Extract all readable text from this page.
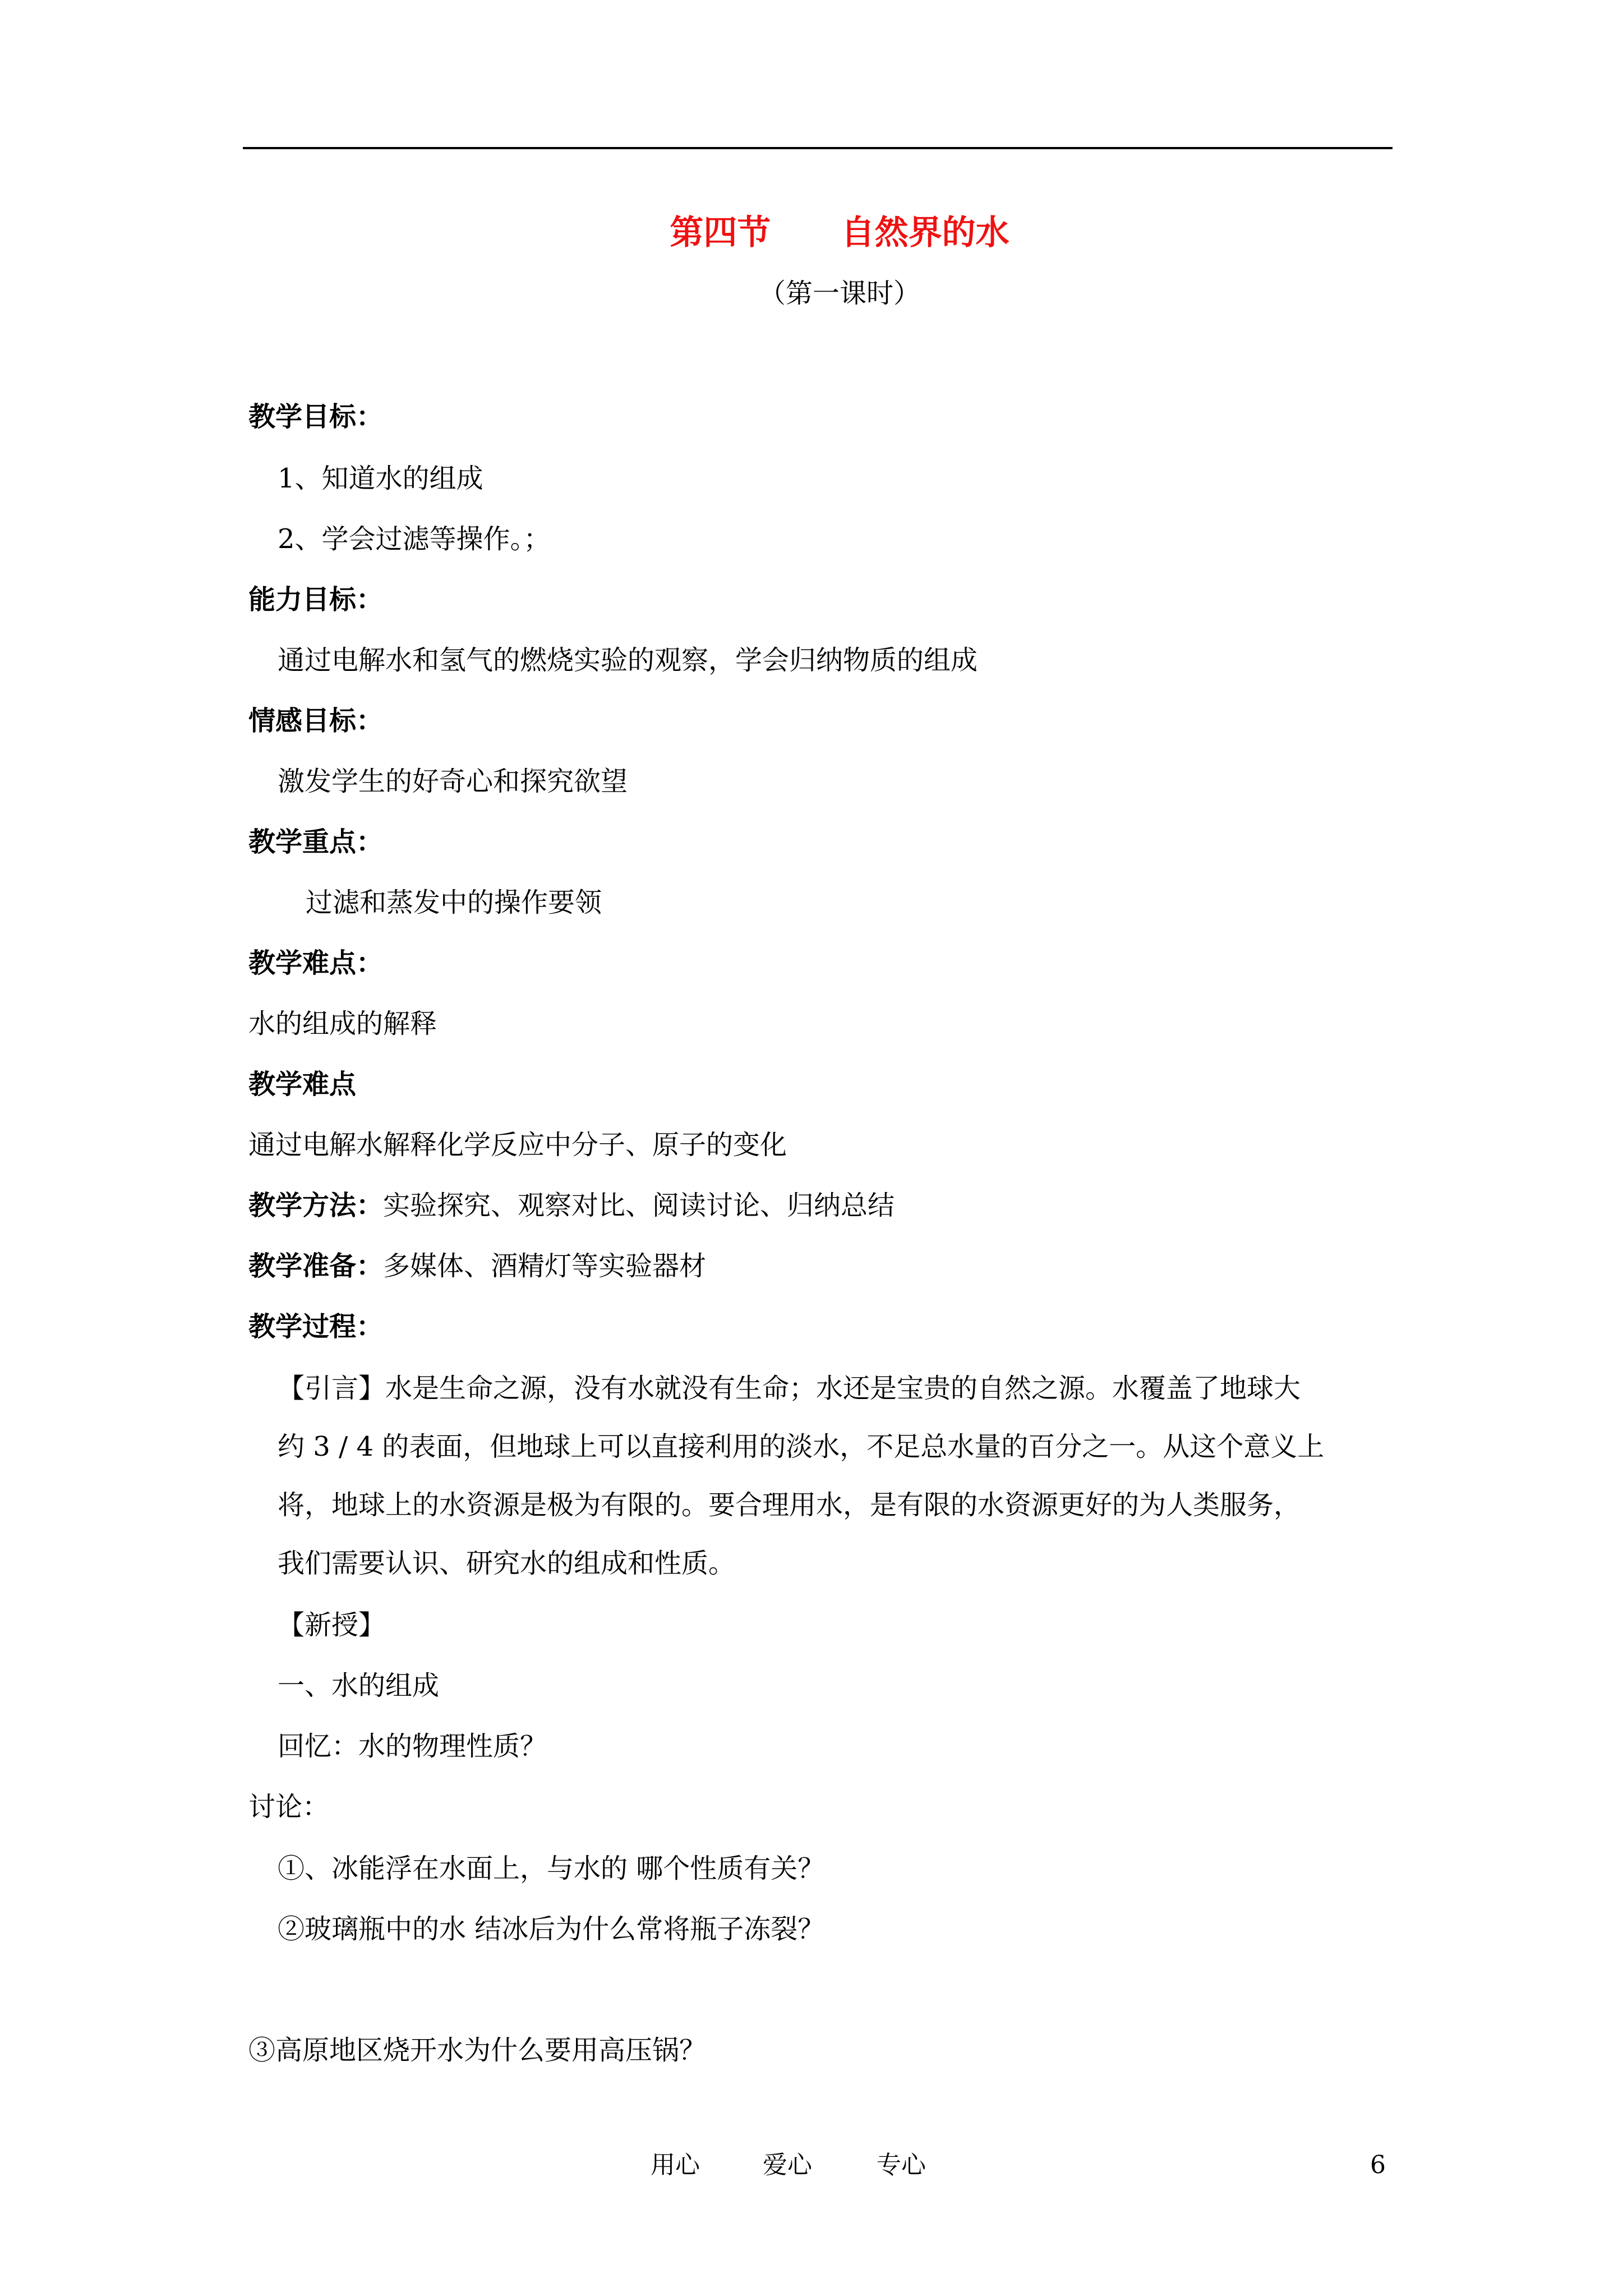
第四节      自然界的水
（第一课时）
教学目标：
1、知道水的组成
2、学会过滤等操作。；
能力目标：
通过电解水和氢气的燃烧实验的观察，学会归纳物质的组成
情感目标：
激发学生的好奇心和探究欲望
教学重点：
过滤和蒸发中的操作要领
教学难点：
水的组成的解释
教学难点
通过电解水解释化学反应中分子、原子的变化
教学方法：实验探究、观察对比、阅读讨论、归纳总结
教学准备：多媒体、酒精灯等实验器材
教学过程：
【引言】水是生命之源，没有水就没有生命；水还是宝贵的自然之源。水覆盖了地球大
约 3 / 4 的表面，但地球上可以直接利用的淡水，不足总水量的百分之一。从这个意义上
将，地球上的水资源是极为有限的。要合理用水，是有限的水资源更好的为人类服务，
我们需要认识、研究水的组成和性质。
【新授】
一、水的组成
回忆：水的物理性质？
讨论：
①、冰能浮在水面上，与水的 哪个性质有关？
②玻璃瓶中的水 结冰后为什么常将瓶子冻裂？
③高原地区烧开水为什么要用高压锅？
用心	爱心	专心	6
